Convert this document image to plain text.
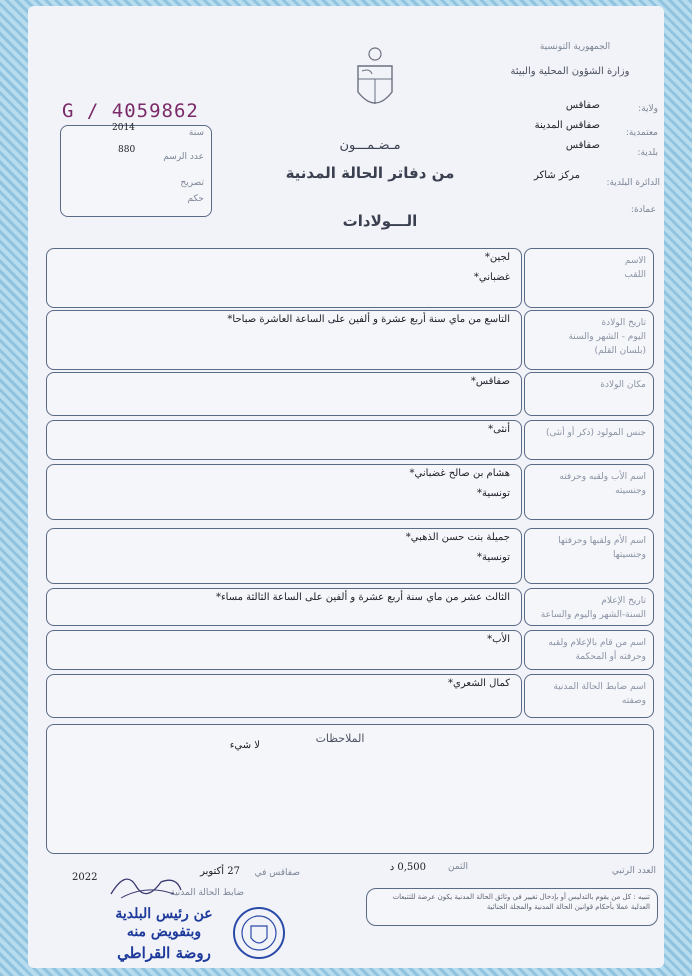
الجمهورية التونسية
وزارة الشؤون المحلية والبيئة
ولاية:
صفاقس
معتمدية:
صفاقس المدينة
بلدية:
صفاقس
الدائرة البلدية:
مركز شاكر
عمادة:
G / 4059862
2014	سنة
880
عدد الرسم
تصريح
حكم
مـضـمـــون
من دفاتر الحالة المدنية
الـــولادات
الاسم
اللقب
لجين*
غضباني*
تاريخ الولادة
اليوم - الشهر والسنة
(بلسان القلم)
التاسع من ماي سنة أربع عشرة و ألفين على الساعة العاشرة صباحا*
مكان الولادة
صفاقس*
جنس المولود (ذكر أو أنثى)
أنثى*
اسم الأب ولقبه وحرفته
وجنسيته
هشام بن صالح غضباني*
تونسية*
اسم الأم ولقبها وحرفتها
وجنسيتها
جميلة بنت حسن الذهبي*
تونسية*
تاريخ الإعلام
السنة-الشهر واليوم والساعة
الثالث عشر من ماي سنة أربع عشرة و ألفين على الساعة الثالثة مساء*
اسم من قام بالإعلام ولقبه
وحرفته أو المحكمة
الأب*
اسم ضابط الحالة المدنية
وصفته
كمال الشعري*
الملاحظات
لا شيء
العدد الرتبي
الثمن
0,500 د
صفاقس في
27 أكتوبر
2022
ضابط الحالة المدنية	تنبيه : كل من يقوم بالتدليس أو بإدخال تغيير في وثائق الحالة المدنية يكون عرضة للتتبعات العدلية عملا بأحكام قوانين الحالة المدنية والمجلة الجنائية
عن رئيس البلدية
وبتفويض منه
روضة القراطي
